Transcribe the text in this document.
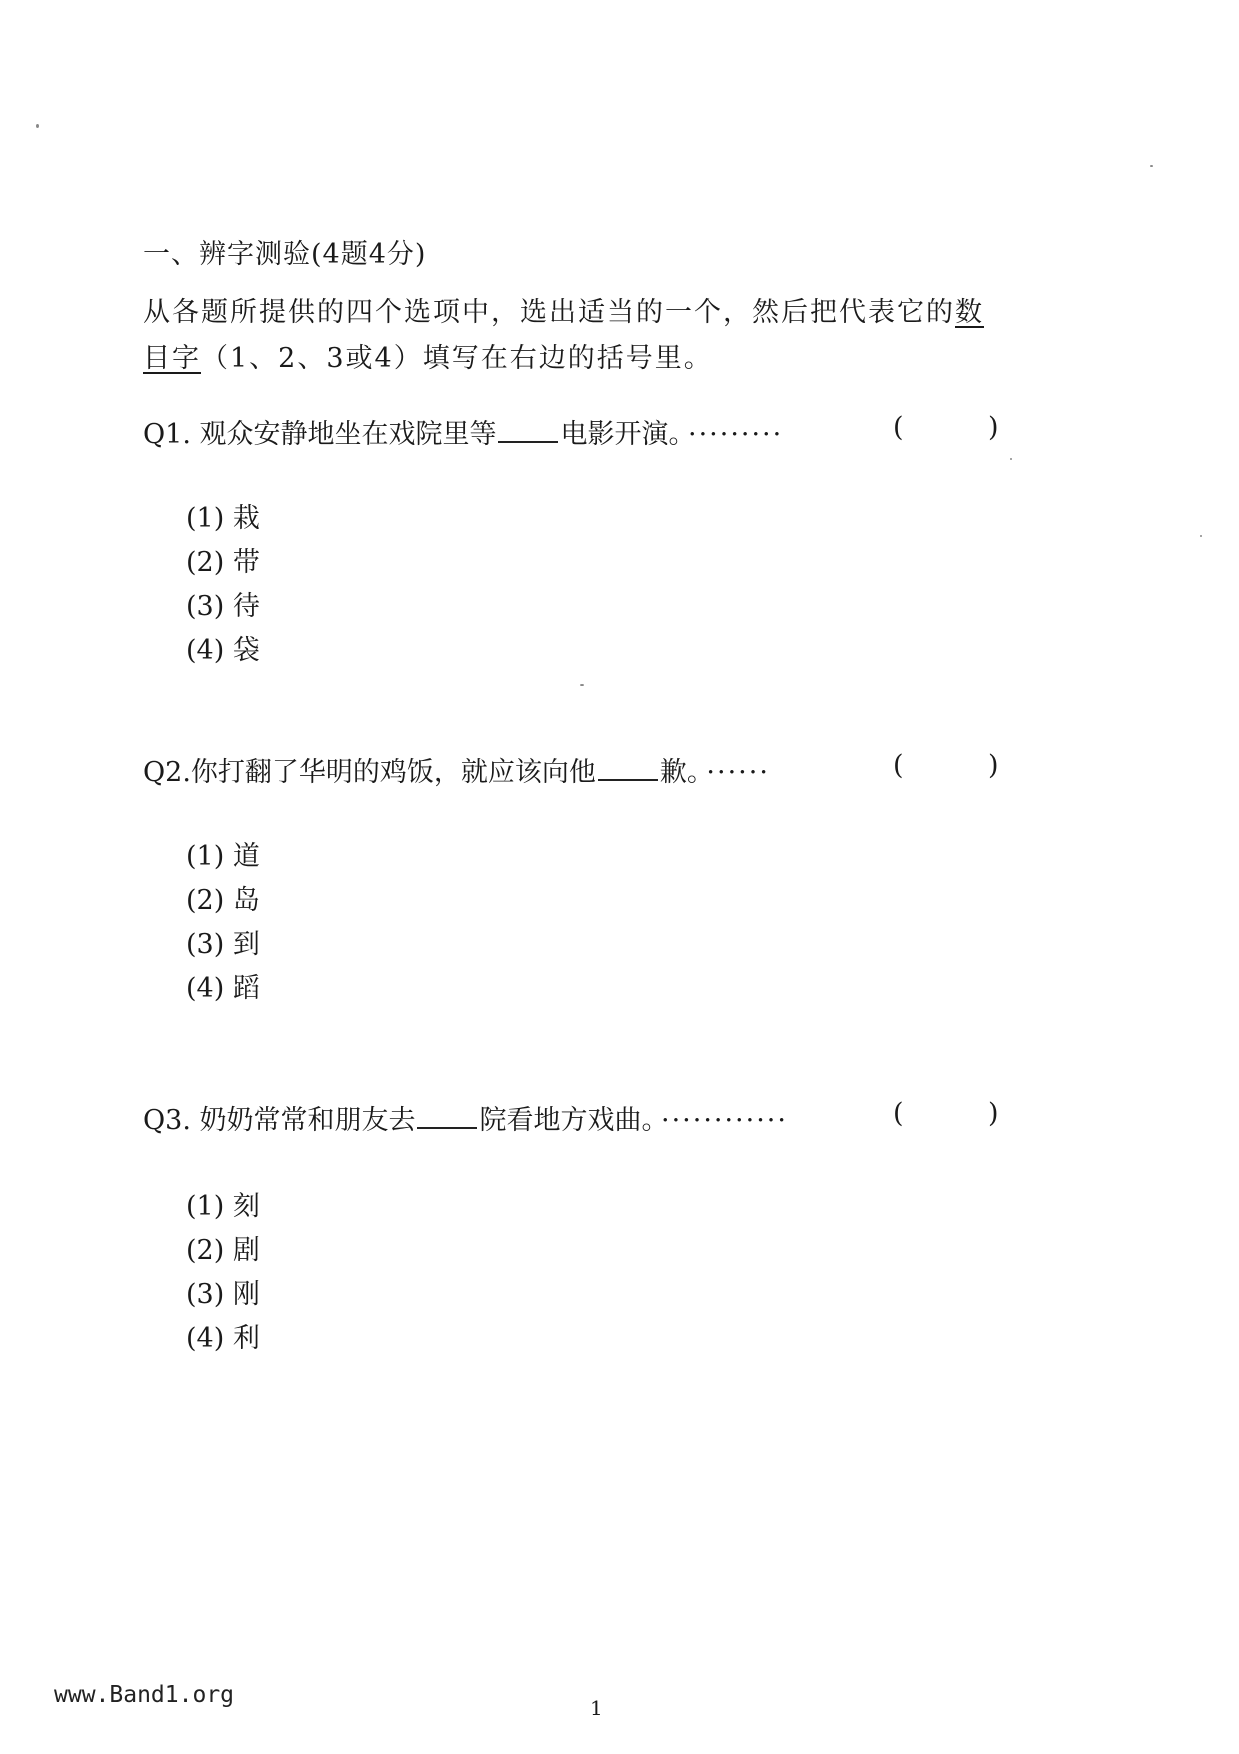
一、辨字测验(4题4分)
从各题所提供的四个选项中，选出适当的一个，然后把代表它的数
目字（1、2、3或4）填写在右边的括号里。
Q1. 观众安静地坐在戏院里等 电影开演。 ·········	(	)
(1) 栽
(2) 带
(3) 待
(4) 袋
Q2.你打翻了华明的鸡饭，就应该向他 歉。 ······	(	)
(1) 道
(2) 岛
(3) 到
(4) 蹈
Q3. 奶奶常常和朋友去 院看地方戏曲。 ············	(	)
(1) 刻
(2) 剧
(3) 刚
(4) 利
www.Band1.org	1
